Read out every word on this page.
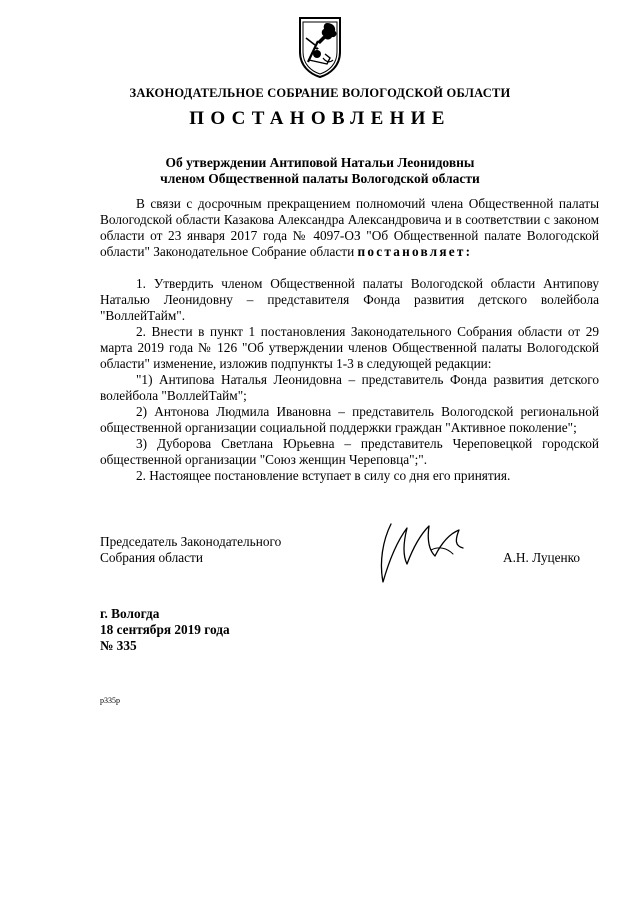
ЗАКОНОДАТЕЛЬНОЕ СОБРАНИЕ ВОЛОГОДСКОЙ ОБЛАСТИ
ПОСТАНОВЛЕНИЕ
Об утверждении Антиповой Натальи Леонидовны
членом Общественной палаты Вологодской области

В связи с досрочным прекращением полномочий члена Общественной палаты Вологодской области Казакова Александра Александровича и в соответствии с законом области от 23 января 2017 года № 4097-ОЗ "Об Общественной палате Вологодской области" Законодательное Собрание области постановляет:

1. Утвердить членом Общественной палаты Вологодской области Антипову Наталью Леонидовну – представителя Фонда развития детского волейбола "ВоллейТайм".

2. Внести в пункт 1 постановления Законодательного Собрания области от 29 марта 2019 года № 126 "Об утверждении членов Общественной палаты Вологодской области" изменение, изложив подпункты 1-3 в следующей редакции:

"1) Антипова Наталья Леонидовна – представитель Фонда развития детского волейбола "ВоллейТайм";

2) Антонова Людмила Ивановна – представитель Вологодской региональной общественной организации социальной поддержки граждан "Активное поколение";

3) Дуборова Светлана Юрьевна – представитель Череповецкой городской общественной организации "Союз женщин Череповца";".

2. Настоящее постановление вступает в силу со дня его принятия.

Председатель Законодательного
Собрания области	А.Н. Луценко
г. Вологда
18 сентября 2019 года
№ 335
р335р
